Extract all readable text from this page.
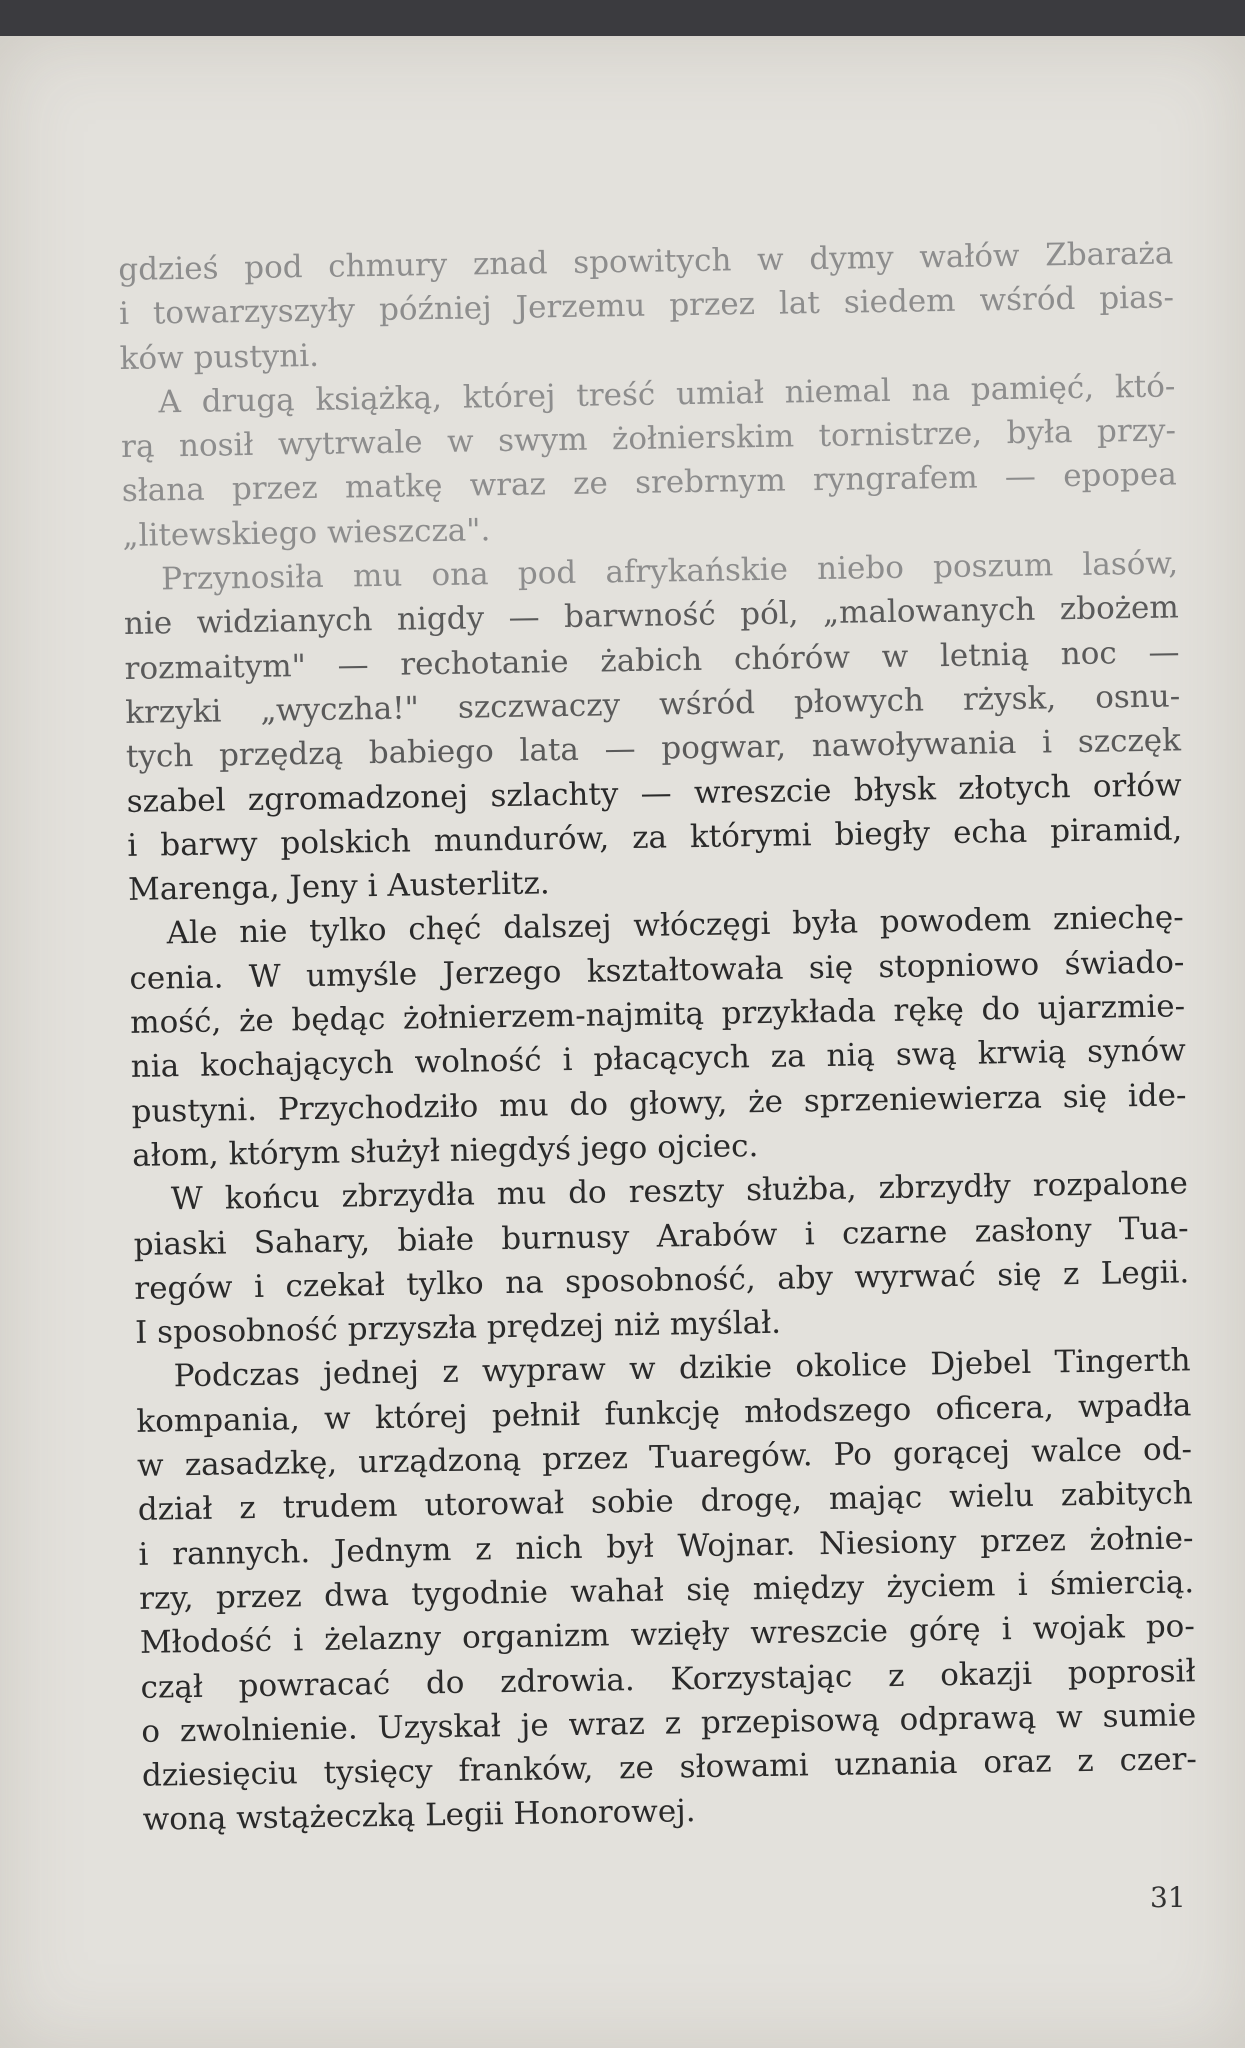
gdzieś pod chmury znad spowitych w dymy wałów Zbaraża
i towarzyszyły później Jerzemu przez lat siedem wśród pias-
ków pustyni.
A drugą książką, której treść umiał niemal na pamięć, któ-
rą nosił wytrwale w swym żołnierskim tornistrze, była przy-
słana przez matkę wraz ze srebrnym ryngrafem — epopea
„litewskiego wieszcza".
Przynosiła mu ona pod afrykańskie niebo poszum lasów,
nie widzianych nigdy — barwność pól, „malowanych zbożem
rozmaitym" — rechotanie żabich chórów w letnią noc —
krzyki „wyczha!" szczwaczy wśród płowych rżysk, osnu-
tych przędzą babiego lata — pogwar, nawoływania i szczęk
szabel zgromadzonej szlachty — wreszcie błysk złotych orłów
i barwy polskich mundurów, za którymi biegły echa piramid,
Marenga, Jeny i Austerlitz.
Ale nie tylko chęć dalszej włóczęgi była powodem zniechę-
cenia. W umyśle Jerzego kształtowała się stopniowo świado-
mość, że będąc żołnierzem-najmitą przykłada rękę do ujarzmie-
nia kochających wolność i płacących za nią swą krwią synów
pustyni. Przychodziło mu do głowy, że sprzeniewierza się ide-
ałom, którym służył niegdyś jego ojciec.
W końcu zbrzydła mu do reszty służba, zbrzydły rozpalone
piaski Sahary, białe burnusy Arabów i czarne zasłony Tua-
regów i czekał tylko na sposobność, aby wyrwać się z Legii.
I sposobność przyszła prędzej niż myślał.
Podczas jednej z wypraw w dzikie okolice Djebel Tingerth
kompania, w której pełnił funkcję młodszego oficera, wpadła
w zasadzkę, urządzoną przez Tuaregów. Po gorącej walce od-
dział z trudem utorował sobie drogę, mając wielu zabitych
i rannych. Jednym z nich był Wojnar. Niesiony przez żołnie-
rzy, przez dwa tygodnie wahał się między życiem i śmiercią.
Młodość i żelazny organizm wzięły wreszcie górę i wojak po-
czął powracać do zdrowia. Korzystając z okazji poprosił
o zwolnienie. Uzyskał je wraz z przepisową odprawą w sumie
dziesięciu tysięcy franków, ze słowami uznania oraz z czer-
woną wstążeczką Legii Honorowej.
31
